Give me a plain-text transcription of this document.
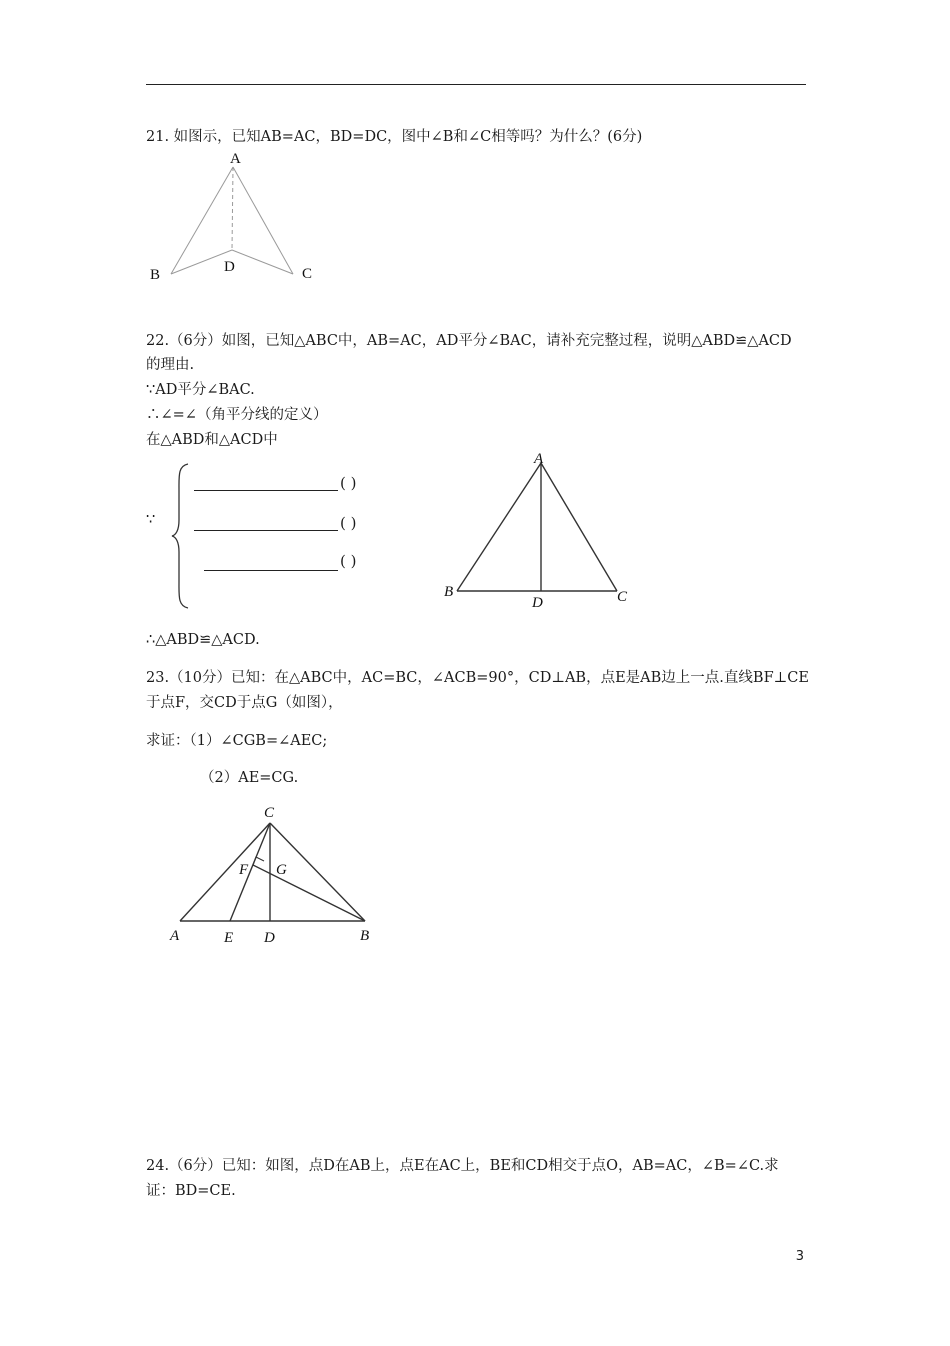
21. 如图示，已知AB=AC，BD=DC，图中∠B和∠C相等吗？为什么？(6分)
A
B	C
D
22.（6分）如图，已知△ABC中，AB=AC，AD平分∠BAC，请补充完整过程，说明△ABD≌△ACD
的理由.
∵AD平分∠BAC.
∴∠=∠（角平分线的定义）
在△ABD和△ACD中
∵
( )
( )
( )
A
B	C
D
∴△ABD≌△ACD.
23.（10分）已知：在△ABC中，AC=BC，∠ACB=90°，CD⊥AB，点E是AB边上一点.直线BF⊥CE
于点F，交CD于点G（如图），
求证：（1）∠CGB=∠AEC;
（2）AE=CG.
C
F G
A	E D	B
24.（6分）已知：如图，点D在AB上，点E在AC上，BE和CD相交于点O，AB=AC，∠B=∠C.求
证：BD=CE.
3
